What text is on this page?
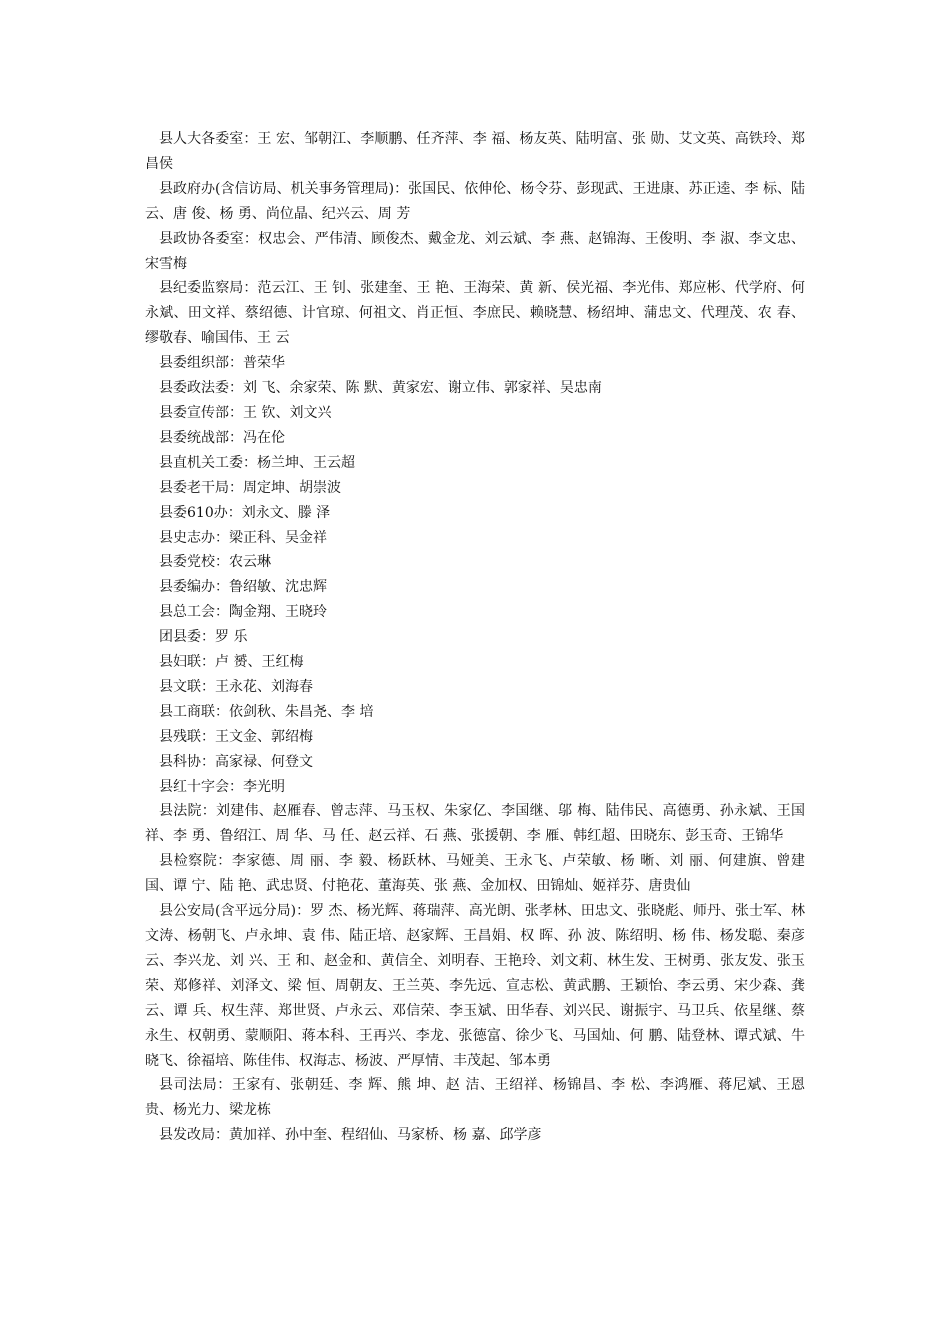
县人大各委室：王 宏、邹朝江、李顺鹏、任齐萍、李 福、杨友英、陆明富、张 勋、艾文英、高铁玲、郑昌侯

县政府办(含信访局、机关事务管理局)：张国民、依伸伦、杨令芬、彭现武、王进康、苏正逵、李 标、陆 云、唐 俊、杨 勇、尚位晶、纪兴云、周 芳

县政协各委室：权忠会、严伟清、顾俊杰、戴金龙、刘云斌、李 燕、赵锦海、王俊明、李 淑、李文忠、宋雪梅

县纪委监察局：范云江、王 钊、张建奎、王 艳、王海荣、黄 新、侯光福、李光伟、郑应彬、代学府、何永斌、田文祥、蔡绍德、计官琼、何祖文、肖正恒、李庶民、赖晓慧、杨绍坤、蒲忠文、代理茂、农 春、缪敬春、喻国伟、王 云

县委组织部：普荣华

县委政法委：刘 飞、余家荣、陈 默、黄家宏、谢立伟、郭家祥、吴忠南

县委宣传部：王 钦、刘文兴

县委统战部：冯在伦

县直机关工委：杨兰坤、王云超

县委老干局：周定坤、胡崇波

县委610办：刘永文、滕 泽

县史志办：梁正科、吴金祥

县委党校：农云琳

县委编办：鲁绍敏、沈忠辉

县总工会：陶金翔、王晓玲

团县委：罗 乐

县妇联：卢 赟、王红梅

县文联：王永花、刘海春

县工商联：依剑秋、朱昌尧、李 培

县残联：王文金、郭绍梅

县科协：高家禄、何登文

县红十字会：李光明

县法院：刘建伟、赵雁春、曾志萍、马玉权、朱家亿、李国继、邬 梅、陆伟民、高德勇、孙永斌、王国祥、李 勇、鲁绍江、周 华、马 任、赵云祥、石 燕、张援朝、李 雁、韩红超、田晓东、彭玉奇、王锦华

县检察院：李家德、周 丽、李 毅、杨跃林、马娅美、王永飞、卢荣敏、杨 晰、刘 丽、何建旗、曾建国、谭 宁、陆 艳、武忠贤、付艳花、董海英、张 燕、金加权、田锦灿、姬祥芬、唐贵仙

县公安局(含平远分局)：罗 杰、杨光辉、蒋瑞萍、高光朗、张孝林、田忠文、张晓彪、师丹、张士军、林文涛、杨朝飞、卢永坤、袁 伟、陆正培、赵家辉、王昌娟、权 晖、孙 波、陈绍明、杨 伟、杨发聪、秦彦云、李兴龙、刘 兴、王 和、赵金和、黄信全、刘明春、王艳玲、刘文莉、林生发、王树勇、张友发、张玉荣、郑修祥、刘泽文、梁 恒、周朝友、王兰英、李先远、宣志松、黄武鹏、王颖怡、李云勇、宋少森、龚 云、谭 兵、权生萍、郑世贤、卢永云、邓信荣、李玉斌、田华春、刘兴民、谢振宇、马卫兵、依星继、蔡永生、权朝勇、蒙顺阳、蒋本科、王再兴、李龙、张德富、徐少飞、马国灿、何 鹏、陆登林、谭式斌、牛晓飞、徐福培、陈佳伟、权海志、杨波、严厚情、丰茂起、邹本勇

县司法局：王家有、张朝廷、李 辉、熊 坤、赵 洁、王绍祥、杨锦昌、李 松、李鸿雁、蒋尼斌、王恩贵、杨光力、梁龙栋

县发改局：黄加祥、孙中奎、程绍仙、马家桥、杨 嘉、邱学彦
